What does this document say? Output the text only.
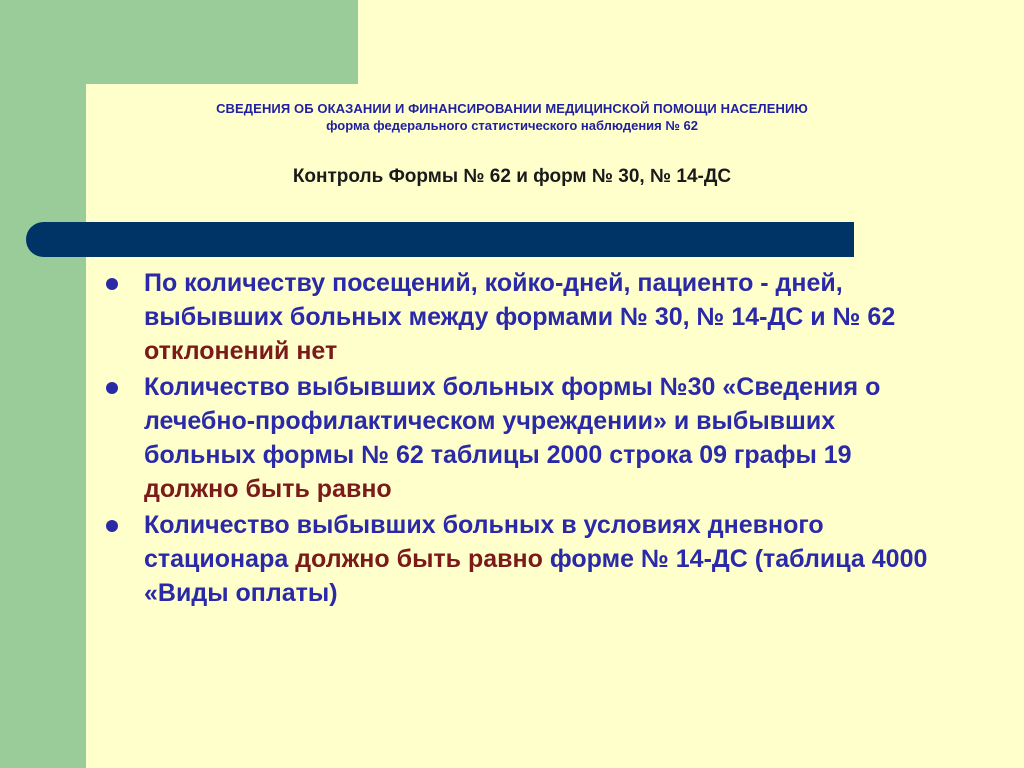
СВЕДЕНИЯ ОБ ОКАЗАНИИ И ФИНАНСИРОВАНИИ МЕДИЦИНСКОЙ ПОМОЩИ НАСЕЛЕНИЮ
форма федерального статистического наблюдения № 62
Контроль Формы № 62 и форм № 30, № 14-ДС
По количеству посещений, койко-дней, пациенто - дней, выбывших больных между формами № 30, № 14-ДС и № 62 отклонений нет
Количество выбывших больных формы №30 «Сведения о лечебно-профилактическом учреждении» и выбывших больных формы № 62 таблицы 2000 строка 09 графы 19 должно быть равно
Количество выбывших больных в условиях дневного стационара должно быть равно форме № 14-ДС (таблица 4000 «Виды оплаты)
